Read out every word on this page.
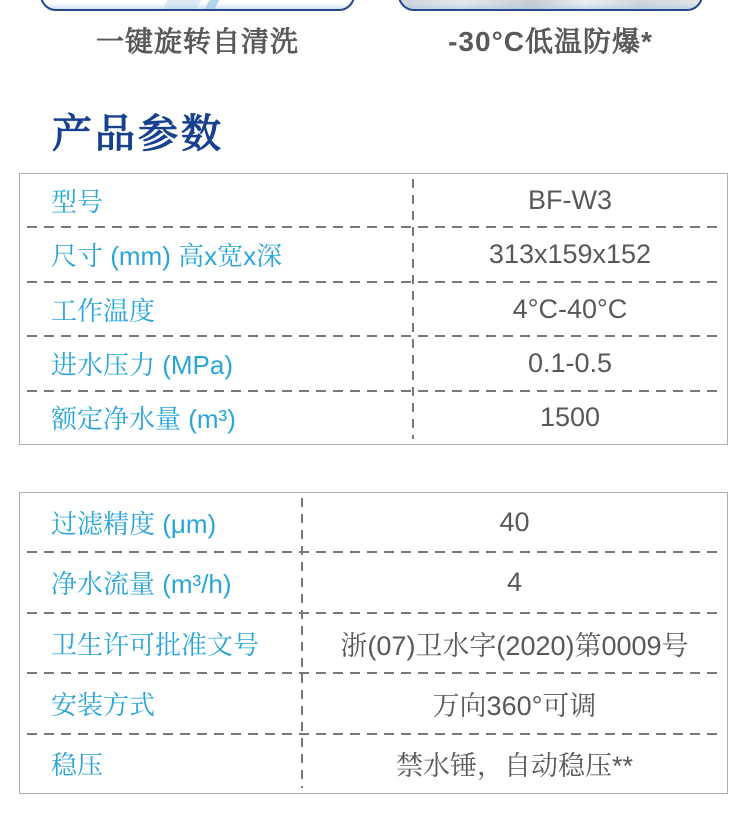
一键旋转自清洗	-30°C低温防爆*
产品参数
型号	BF-W3
尺寸 (mm) 高x宽x深	313x159x152
工作温度	4°C-40°C
进水压力 (MPa)	0.1-0.5
额定净水量 (m³)	1500
过滤精度 (μm)	40
净水流量 (m³/h)	4
卫生许可批准文号	浙(07)卫水字(2020)第0009号
安装方式	万向360°可调
稳压	禁水锤，自动稳压**
